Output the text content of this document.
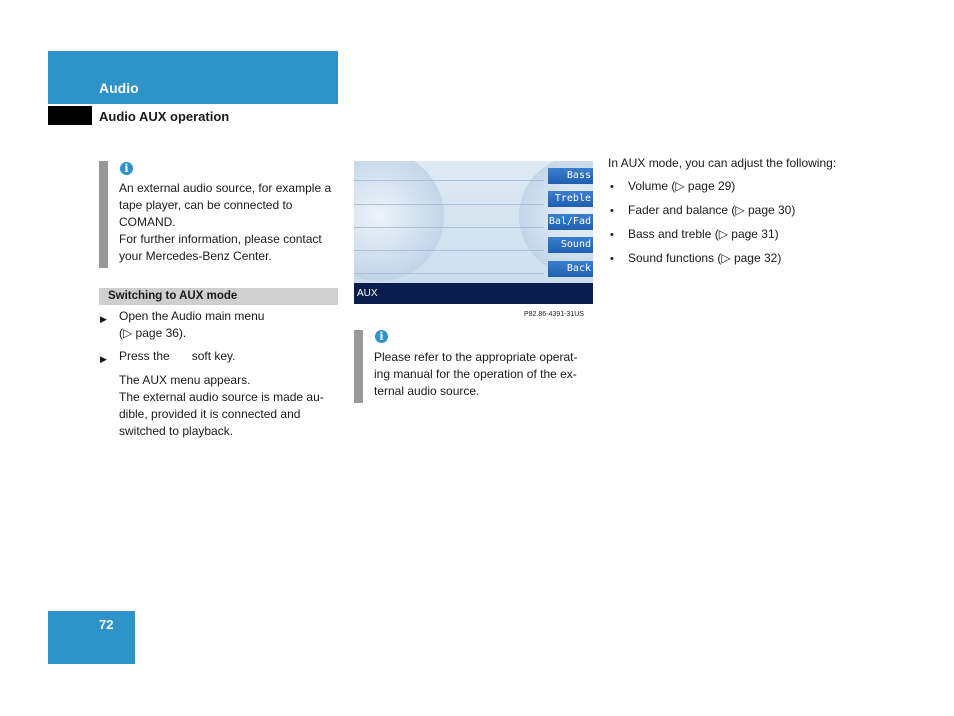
Audio
Audio AUX operation
i

An external audio source, for example a

tape player, can be connected to

COMAND.

For further information, please contact

your Mercedes-Benz Center.

Switching to AUX mode
▶ Open the Audio main menu

(▷ page 36).

▶ Press the soft key.

The AUX menu appears.

The external audio source is made au-

dible, provided it is connected and

switched to playback.

Bass
Treble
Bal/Fad
Sound
Back
AUX
P82.86-4391-31US
i

Please refer to the appropriate operat-

ing manual for the operation of the ex-

ternal audio source.

In AUX mode, you can adjust the following:
• Volume (▷ page 29)
• Fader and balance (▷ page 30)
• Bass and treble (▷ page 31)
• Sound functions (▷ page 32)
72
